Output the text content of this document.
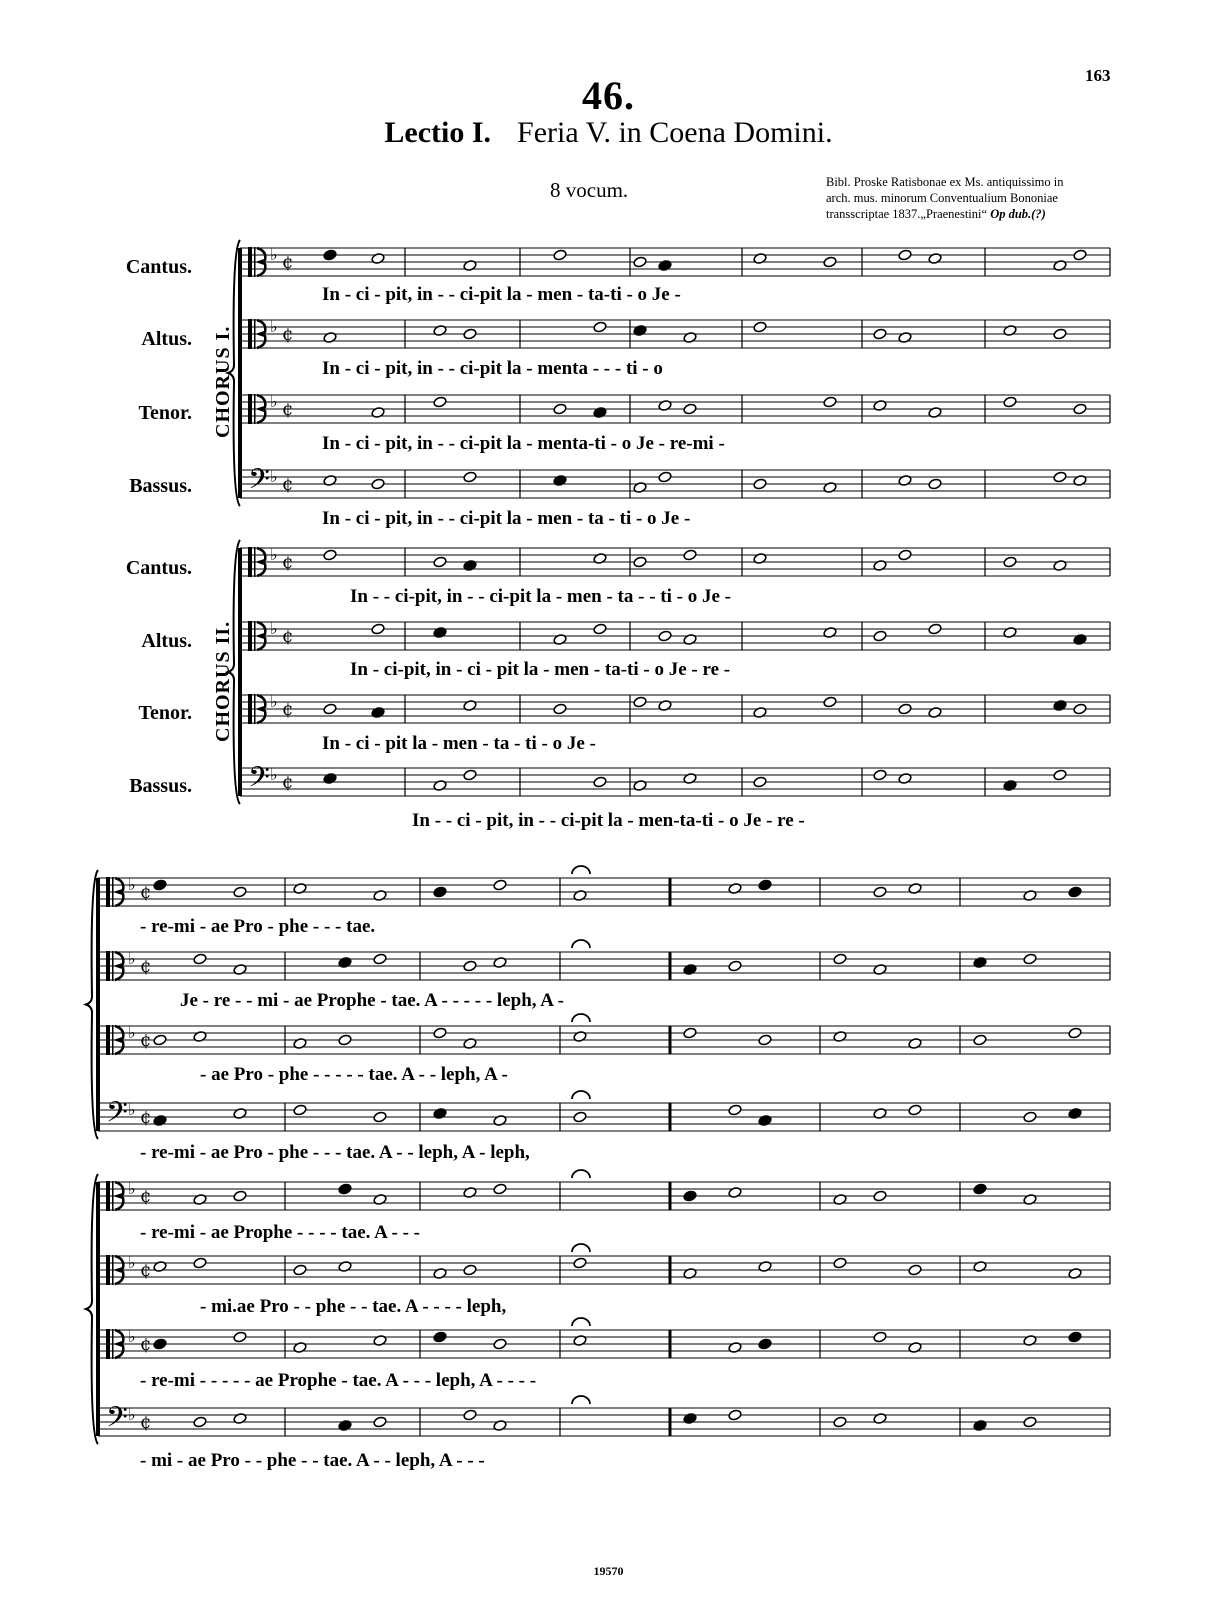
163
46.
Lectio I. Feria V. in Coena Domini.
8 vocum.	Bibl. Proske Ratisbonae ex Ms. antiquissimo in
arch. mus. minorum Conventualium Bononiae
transscriptae 1837.„Praenestini“ Op dub.(?)
♭ ¢
♭ ¢
♭ ¢
𝄢 ♭ ¢
♭ ¢
♭ ¢
♭ ¢
𝄢 ♭ ¢
♭ ¢
♭ ¢
♭ ¢
𝄢 ♭ ¢
♭ ¢
♭ ¢
♭ ¢
𝄢 ♭ ¢
Cantus.
Altus.
Tenor.
Bassus.
Cantus.
Altus.
Tenor.
Bassus.
CHORUS I.
CHORUS II.
In - ci - pit, in - - ci-pit la - men - ta-ti - o Je -
In - ci - pit, in - - ci-pit la - menta - - - ti - o
In - ci - pit, in - - ci-pit la - menta-ti - o Je - re-mi -
In - ci - pit, in - - ci-pit la - men - ta - ti - o Je -
In - - ci-pit, in - - ci-pit la - men - ta - - ti - o Je -
In - ci-pit, in - ci - pit la - men - ta-ti - o Je - re -
In - ci - pit la - men - ta - ti - o Je -
In - - ci - pit, in - - ci-pit la - men-ta-ti - o Je - re -
- re-mi - ae Pro - phe - - - tae.
Je - re - - mi - ae Prophe - tae. A - - - - - leph, A -
- ae Pro - phe - - - - - tae. A - - leph, A -
- re-mi - ae Pro - phe - - - tae. A - - leph, A - leph,
- re-mi - ae Prophe - - - - tae. A - - -
- mi.ae Pro - - phe - - tae. A - - - - leph,
- re-mi - - - - - ae Prophe - tae. A - - - leph, A - - - -
- mi - ae Pro - - phe - - tae. A - - leph, A - - -
19570
